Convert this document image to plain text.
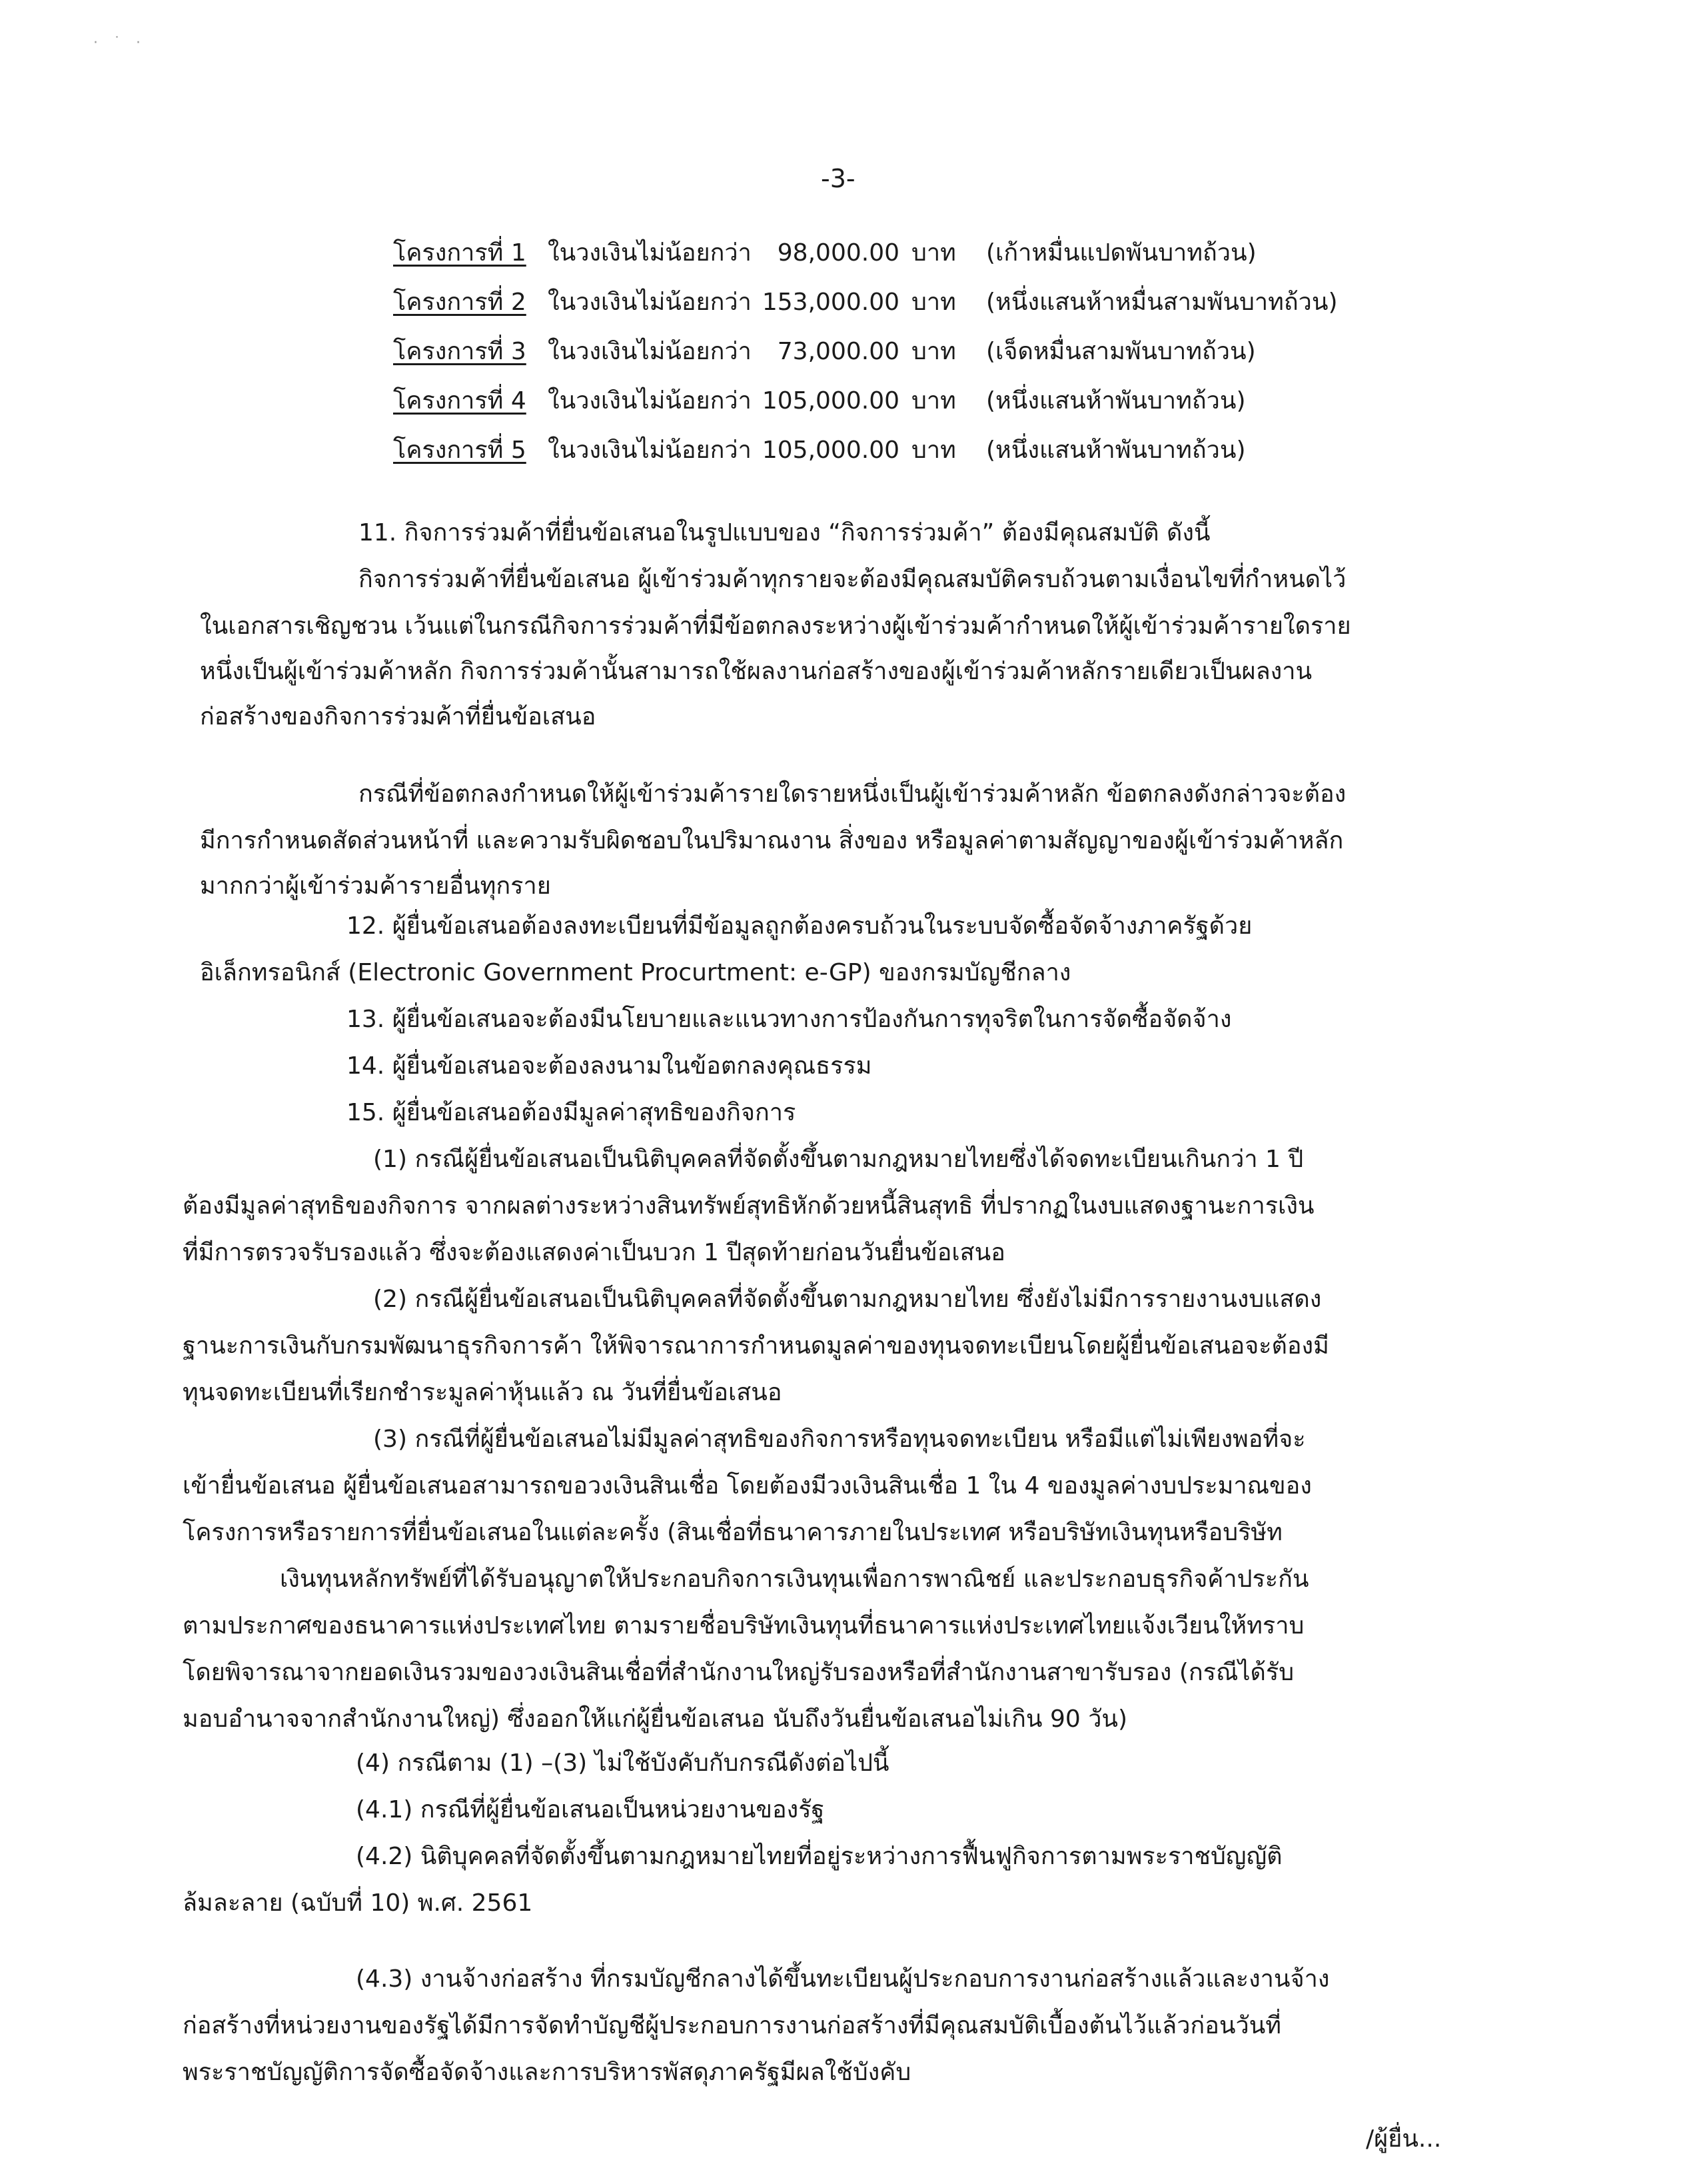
· ˙ ·
-3-
โครงการที่ 1 ในวงเงินไม่น้อยกว่า	98,000.00 บาท (เก้าหมื่นแปดพันบาทถ้วน)
โครงการที่ 2 ในวงเงินไม่น้อยกว่า 153,000.00 บาท (หนึ่งแสนห้าหมื่นสามพันบาทถ้วน)
โครงการที่ 3 ในวงเงินไม่น้อยกว่า	73,000.00 บาท (เจ็ดหมื่นสามพันบาทถ้วน)
โครงการที่ 4 ในวงเงินไม่น้อยกว่า 105,000.00 บาท (หนึ่งแสนห้าพันบาทถ้วน)
โครงการที่ 5 ในวงเงินไม่น้อยกว่า 105,000.00 บาท (หนึ่งแสนห้าพันบาทถ้วน)
11. กิจการร่วมค้าที่ยื่นข้อเสนอในรูปแบบของ “กิจการร่วมค้า” ต้องมีคุณสมบัติ ดังนี้
กิจการร่วมค้าที่ยื่นข้อเสนอ ผู้เข้าร่วมค้าทุกรายจะต้องมีคุณสมบัติครบถ้วนตามเงื่อนไขที่กำหนดไว้
ในเอกสารเชิญชวน เว้นแต่ในกรณีกิจการร่วมค้าที่มีข้อตกลงระหว่างผู้เข้าร่วมค้ากำหนดให้ผู้เข้าร่วมค้ารายใดราย
หนึ่งเป็นผู้เข้าร่วมค้าหลัก กิจการร่วมค้านั้นสามารถใช้ผลงานก่อสร้างของผู้เข้าร่วมค้าหลักรายเดียวเป็นผลงาน
ก่อสร้างของกิจการร่วมค้าที่ยื่นข้อเสนอ
กรณีที่ข้อตกลงกำหนดให้ผู้เข้าร่วมค้ารายใดรายหนึ่งเป็นผู้เข้าร่วมค้าหลัก ข้อตกลงดังกล่าวจะต้อง
มีการกำหนดสัดส่วนหน้าที่ และความรับผิดชอบในปริมาณงาน สิ่งของ หรือมูลค่าตามสัญญาของผู้เข้าร่วมค้าหลัก
มากกว่าผู้เข้าร่วมค้ารายอื่นทุกราย
12. ผู้ยื่นข้อเสนอต้องลงทะเบียนที่มีข้อมูลถูกต้องครบถ้วนในระบบจัดซื้อจัดจ้างภาครัฐด้วย
อิเล็กทรอนิกส์ (Electronic Government Procurtment: e-GP) ของกรมบัญชีกลาง
13. ผู้ยื่นข้อเสนอจะต้องมีนโยบายและแนวทางการป้องกันการทุจริตในการจัดซื้อจัดจ้าง
14. ผู้ยื่นข้อเสนอจะต้องลงนามในข้อตกลงคุณธรรม
15. ผู้ยื่นข้อเสนอต้องมีมูลค่าสุทธิของกิจการ
(1) กรณีผู้ยื่นข้อเสนอเป็นนิติบุคคลที่จัดตั้งขึ้นตามกฎหมายไทยซึ่งได้จดทะเบียนเกินกว่า 1 ปี
ต้องมีมูลค่าสุทธิของกิจการ จากผลต่างระหว่างสินทรัพย์สุทธิหักด้วยหนี้สินสุทธิ ที่ปรากฏในงบแสดงฐานะการเงิน
ที่มีการตรวจรับรองแล้ว ซึ่งจะต้องแสดงค่าเป็นบวก 1 ปีสุดท้ายก่อนวันยื่นข้อเสนอ
(2) กรณีผู้ยื่นข้อเสนอเป็นนิติบุคคลที่จัดตั้งขึ้นตามกฎหมายไทย ซึ่งยังไม่มีการรายงานงบแสดง
ฐานะการเงินกับกรมพัฒนาธุรกิจการค้า ให้พิจารณาการกำหนดมูลค่าของทุนจดทะเบียนโดยผู้ยื่นข้อเสนอจะต้องมี
ทุนจดทะเบียนที่เรียกชำระมูลค่าหุ้นแล้ว ณ วันที่ยื่นข้อเสนอ
(3) กรณีที่ผู้ยื่นข้อเสนอไม่มีมูลค่าสุทธิของกิจการหรือทุนจดทะเบียน หรือมีแต่ไม่เพียงพอที่จะ
เข้ายื่นข้อเสนอ ผู้ยื่นข้อเสนอสามารถขอวงเงินสินเชื่อ โดยต้องมีวงเงินสินเชื่อ 1 ใน 4 ของมูลค่างบประมาณของ
โครงการหรือรายการที่ยื่นข้อเสนอในแต่ละครั้ง (สินเชื่อที่ธนาคารภายในประเทศ หรือบริษัทเงินทุนหรือบริษัท
เงินทุนหลักทรัพย์ที่ได้รับอนุญาตให้ประกอบกิจการเงินทุนเพื่อการพาณิชย์ และประกอบธุรกิจค้าประกัน
ตามประกาศของธนาคารแห่งประเทศไทย ตามรายชื่อบริษัทเงินทุนที่ธนาคารแห่งประเทศไทยแจ้งเวียนให้ทราบ
โดยพิจารณาจากยอดเงินรวมของวงเงินสินเชื่อที่สำนักงานใหญ่รับรองหรือที่สำนักงานสาขารับรอง (กรณีได้รับ
มอบอำนาจจากสำนักงานใหญ่) ซึ่งออกให้แก่ผู้ยื่นข้อเสนอ นับถึงวันยื่นข้อเสนอไม่เกิน 90 วัน)
(4) กรณีตาม (1) –(3) ไม่ใช้บังคับกับกรณีดังต่อไปนี้
(4.1) กรณีที่ผู้ยื่นข้อเสนอเป็นหน่วยงานของรัฐ
(4.2) นิติบุคคลที่จัดตั้งขึ้นตามกฎหมายไทยที่อยู่ระหว่างการฟื้นฟูกิจการตามพระราชบัญญัติ
ล้มละลาย (ฉบับที่ 10) พ.ศ. 2561
(4.3) งานจ้างก่อสร้าง ที่กรมบัญชีกลางได้ขึ้นทะเบียนผู้ประกอบการงานก่อสร้างแล้วและงานจ้าง
ก่อสร้างที่หน่วยงานของรัฐได้มีการจัดทำบัญชีผู้ประกอบการงานก่อสร้างที่มีคุณสมบัติเบื้องต้นไว้แล้วก่อนวันที่
พระราชบัญญัติการจัดซื้อจัดจ้างและการบริหารพัสดุภาครัฐมีผลใช้บังคับ
/ผู้ยื่น...
